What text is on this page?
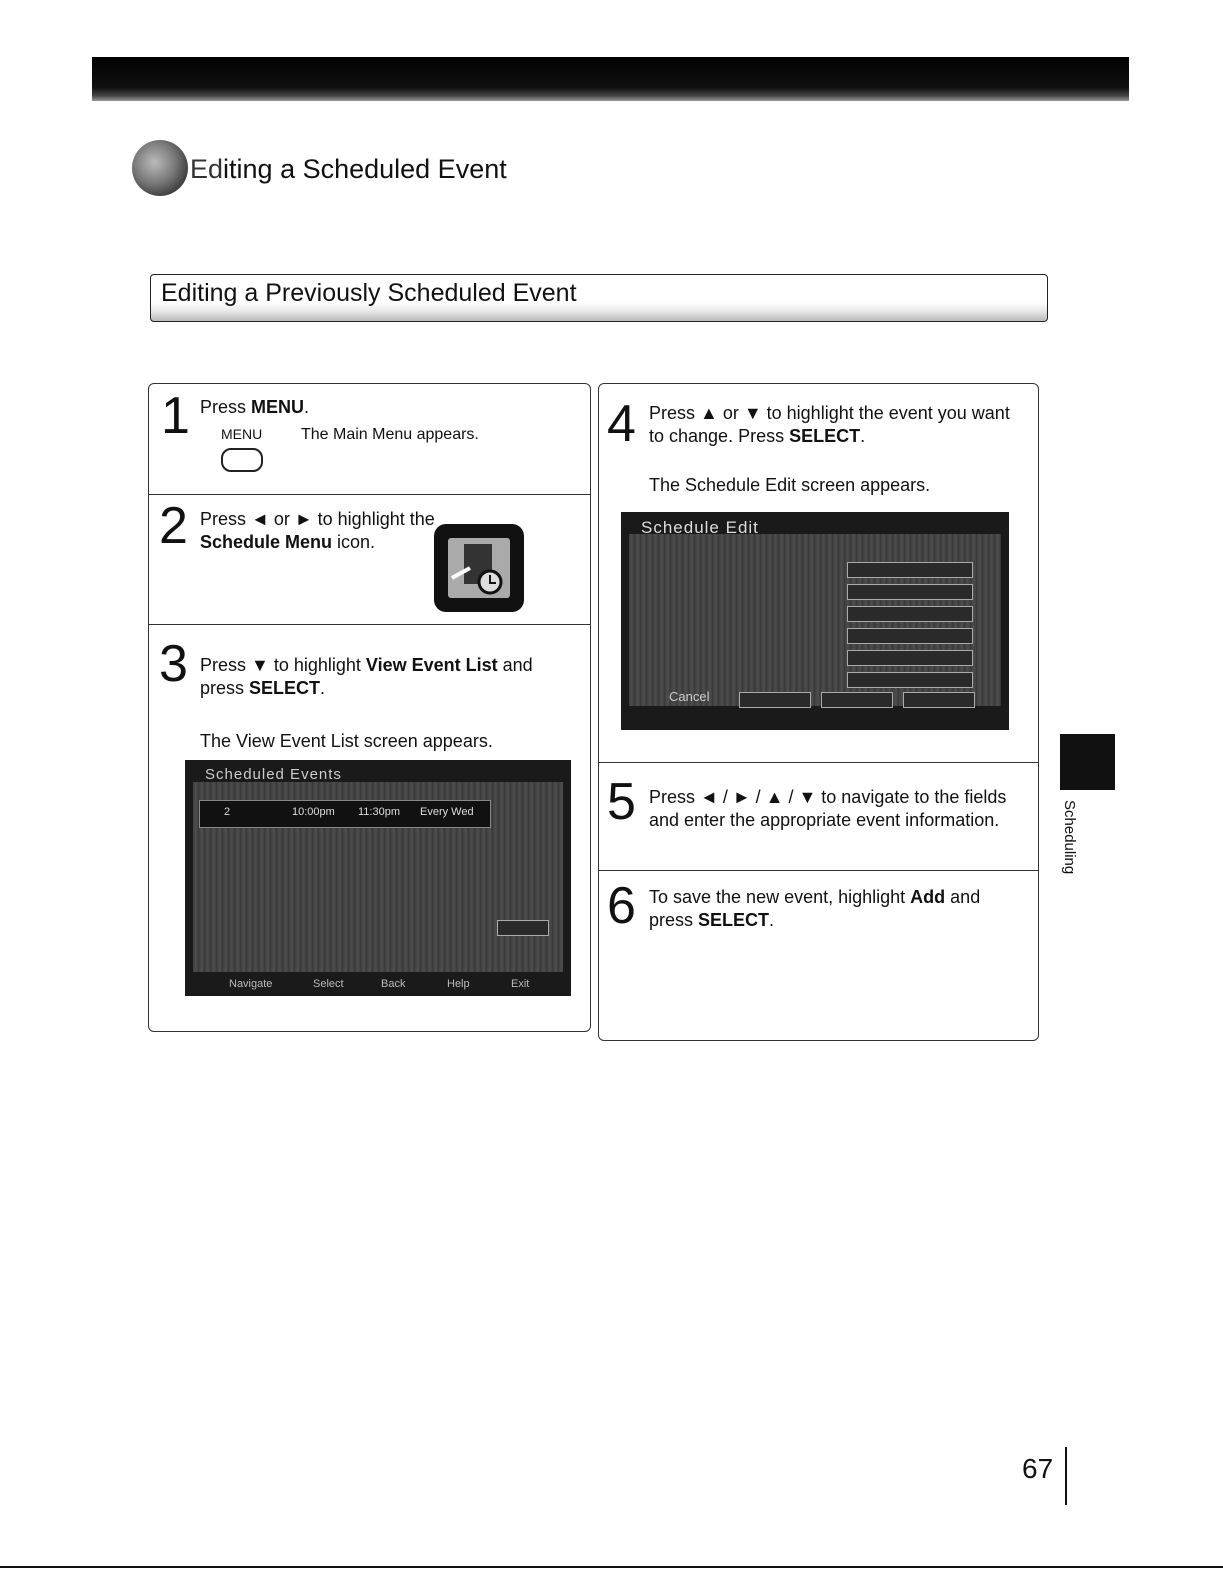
Editing a Scheduled Event
Editing a Previously Scheduled Event
1 Press MENU.
MENU The Main Menu appears.
2 Press ◄ or ► to highlight the
Schedule Menu icon.
3 Press ▼ to highlight View Event List and
press SELECT.
The View Event List screen appears.
Scheduled Events
2	10:00pm 11:30pm Every Wed
Navigate	Select	Back	Help	Exit
4 Press ▲ or ▼ to highlight the event you want
to change. Press SELECT.
The Schedule Edit screen appears.
Schedule Edit
Cancel
5 Press ◄ / ► / ▲ / ▼ to navigate to the fields
and enter the appropriate event information.
6 To save the new event, highlight Add and
press SELECT.
Scheduling
67
